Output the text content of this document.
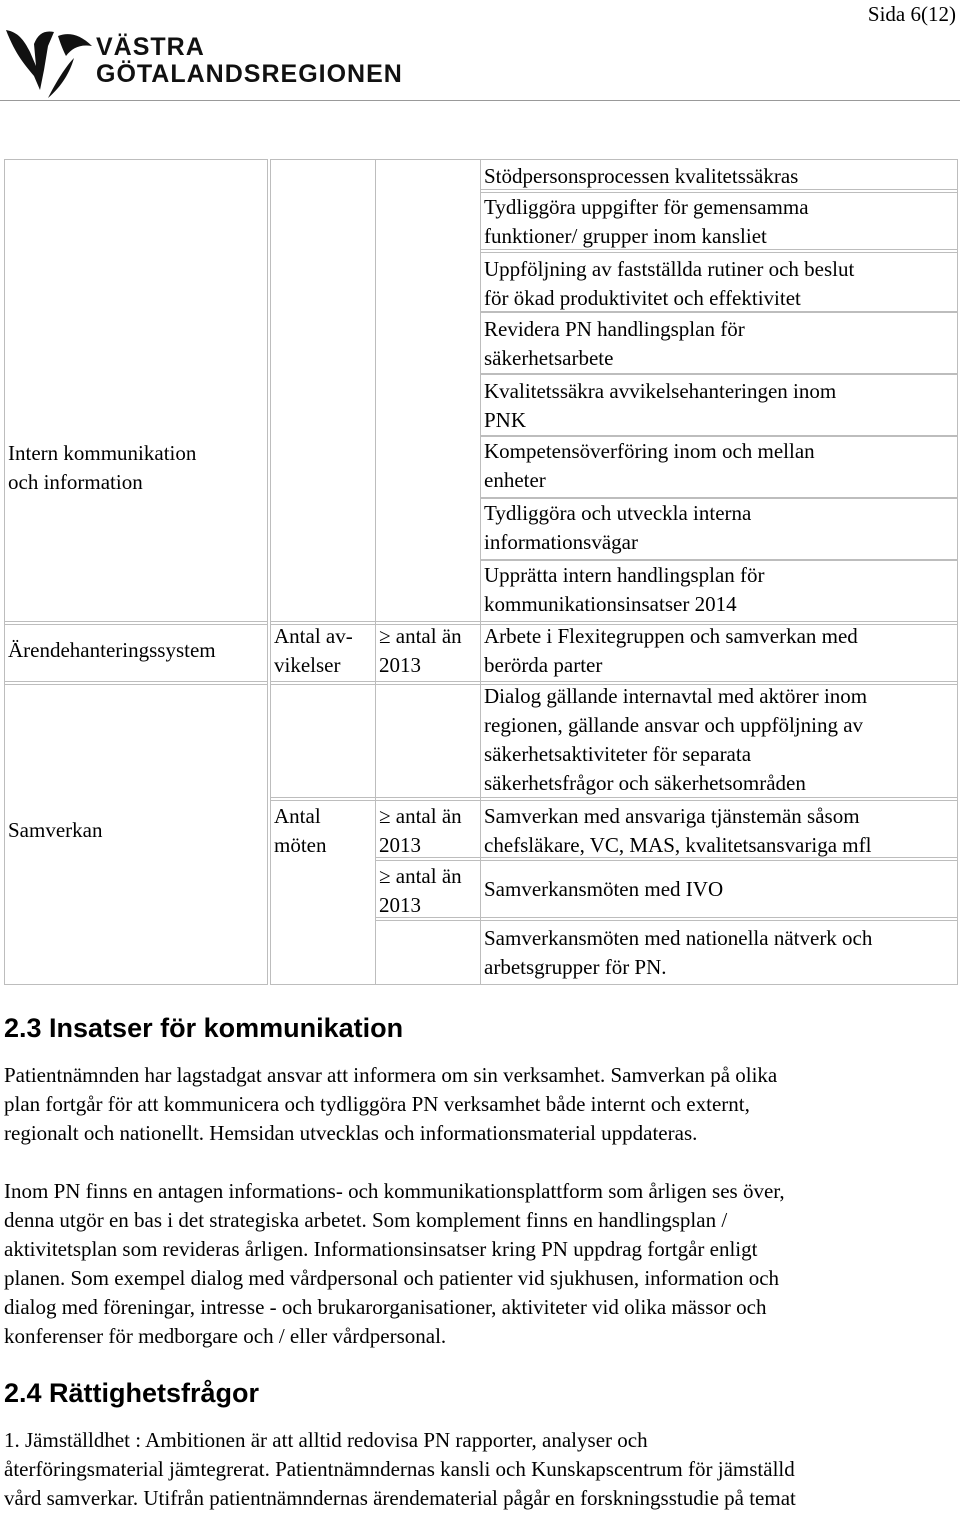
Sida 6(12)
VÄSTRA
GÖTALANDSREGIONEN
Intern kommunikation
och information
Ärendehanteringssystem
Samverkan
Antal av-
vikelser
Antal
möten
≥ antal än
2013
≥ antal än
2013
≥ antal än
2013
Stödpersonsprocessen kvalitetssäkras
Tydliggöra uppgifter för gemensamma
funktioner/ grupper inom kansliet
Uppföljning av fastställda rutiner och beslut
för ökad produktivitet och effektivitet
Revidera PN handlingsplan för
säkerhetsarbete
Kvalitetssäkra avvikelsehanteringen inom
PNK
Kompetensöverföring inom och mellan
enheter
Tydliggöra och utveckla interna
informationsvägar
Upprätta intern handlingsplan för
kommunikationsinsatser 2014
Arbete i Flexitegruppen och samverkan med
berörda parter
Dialog gällande internavtal med aktörer inom
regionen, gällande ansvar och uppföljning av
säkerhetsaktiviteter för separata
säkerhetsfrågor och säkerhetsområden
Samverkan med ansvariga tjänstemän såsom
chefsläkare, VC, MAS, kvalitetsansvariga mfl
Samverkansmöten med IVO
Samverkansmöten med nationella nätverk och
arbetsgrupper för PN.
2.3 Insatser för kommunikation
Patientnämnden har lagstadgat ansvar att informera om sin verksamhet. Samverkan på olika
plan fortgår för att kommunicera och tydliggöra PN verksamhet både internt och externt,
regionalt och nationellt. Hemsidan utvecklas och informationsmaterial uppdateras.
Inom PN finns en antagen informations- och kommunikationsplattform som årligen ses över,
denna utgör en bas i det strategiska arbetet. Som komplement finns en handlingsplan /
aktivitetsplan som revideras årligen. Informationsinsatser kring PN uppdrag fortgår enligt
planen. Som exempel dialog med vårdpersonal och patienter vid sjukhusen, information och
dialog med föreningar, intresse - och brukarorganisationer, aktiviteter vid olika mässor och
konferenser för medborgare och / eller vårdpersonal.
2.4 Rättighetsfrågor
1. Jämställdhet : Ambitionen är att alltid redovisa PN rapporter, analyser och
återföringsmaterial jämtegrerat. Patientnämndernas kansli och Kunskapscentrum för jämställd
vård samverkar. Utifrån patientnämndernas ärendematerial pågår en forskningsstudie på temat
